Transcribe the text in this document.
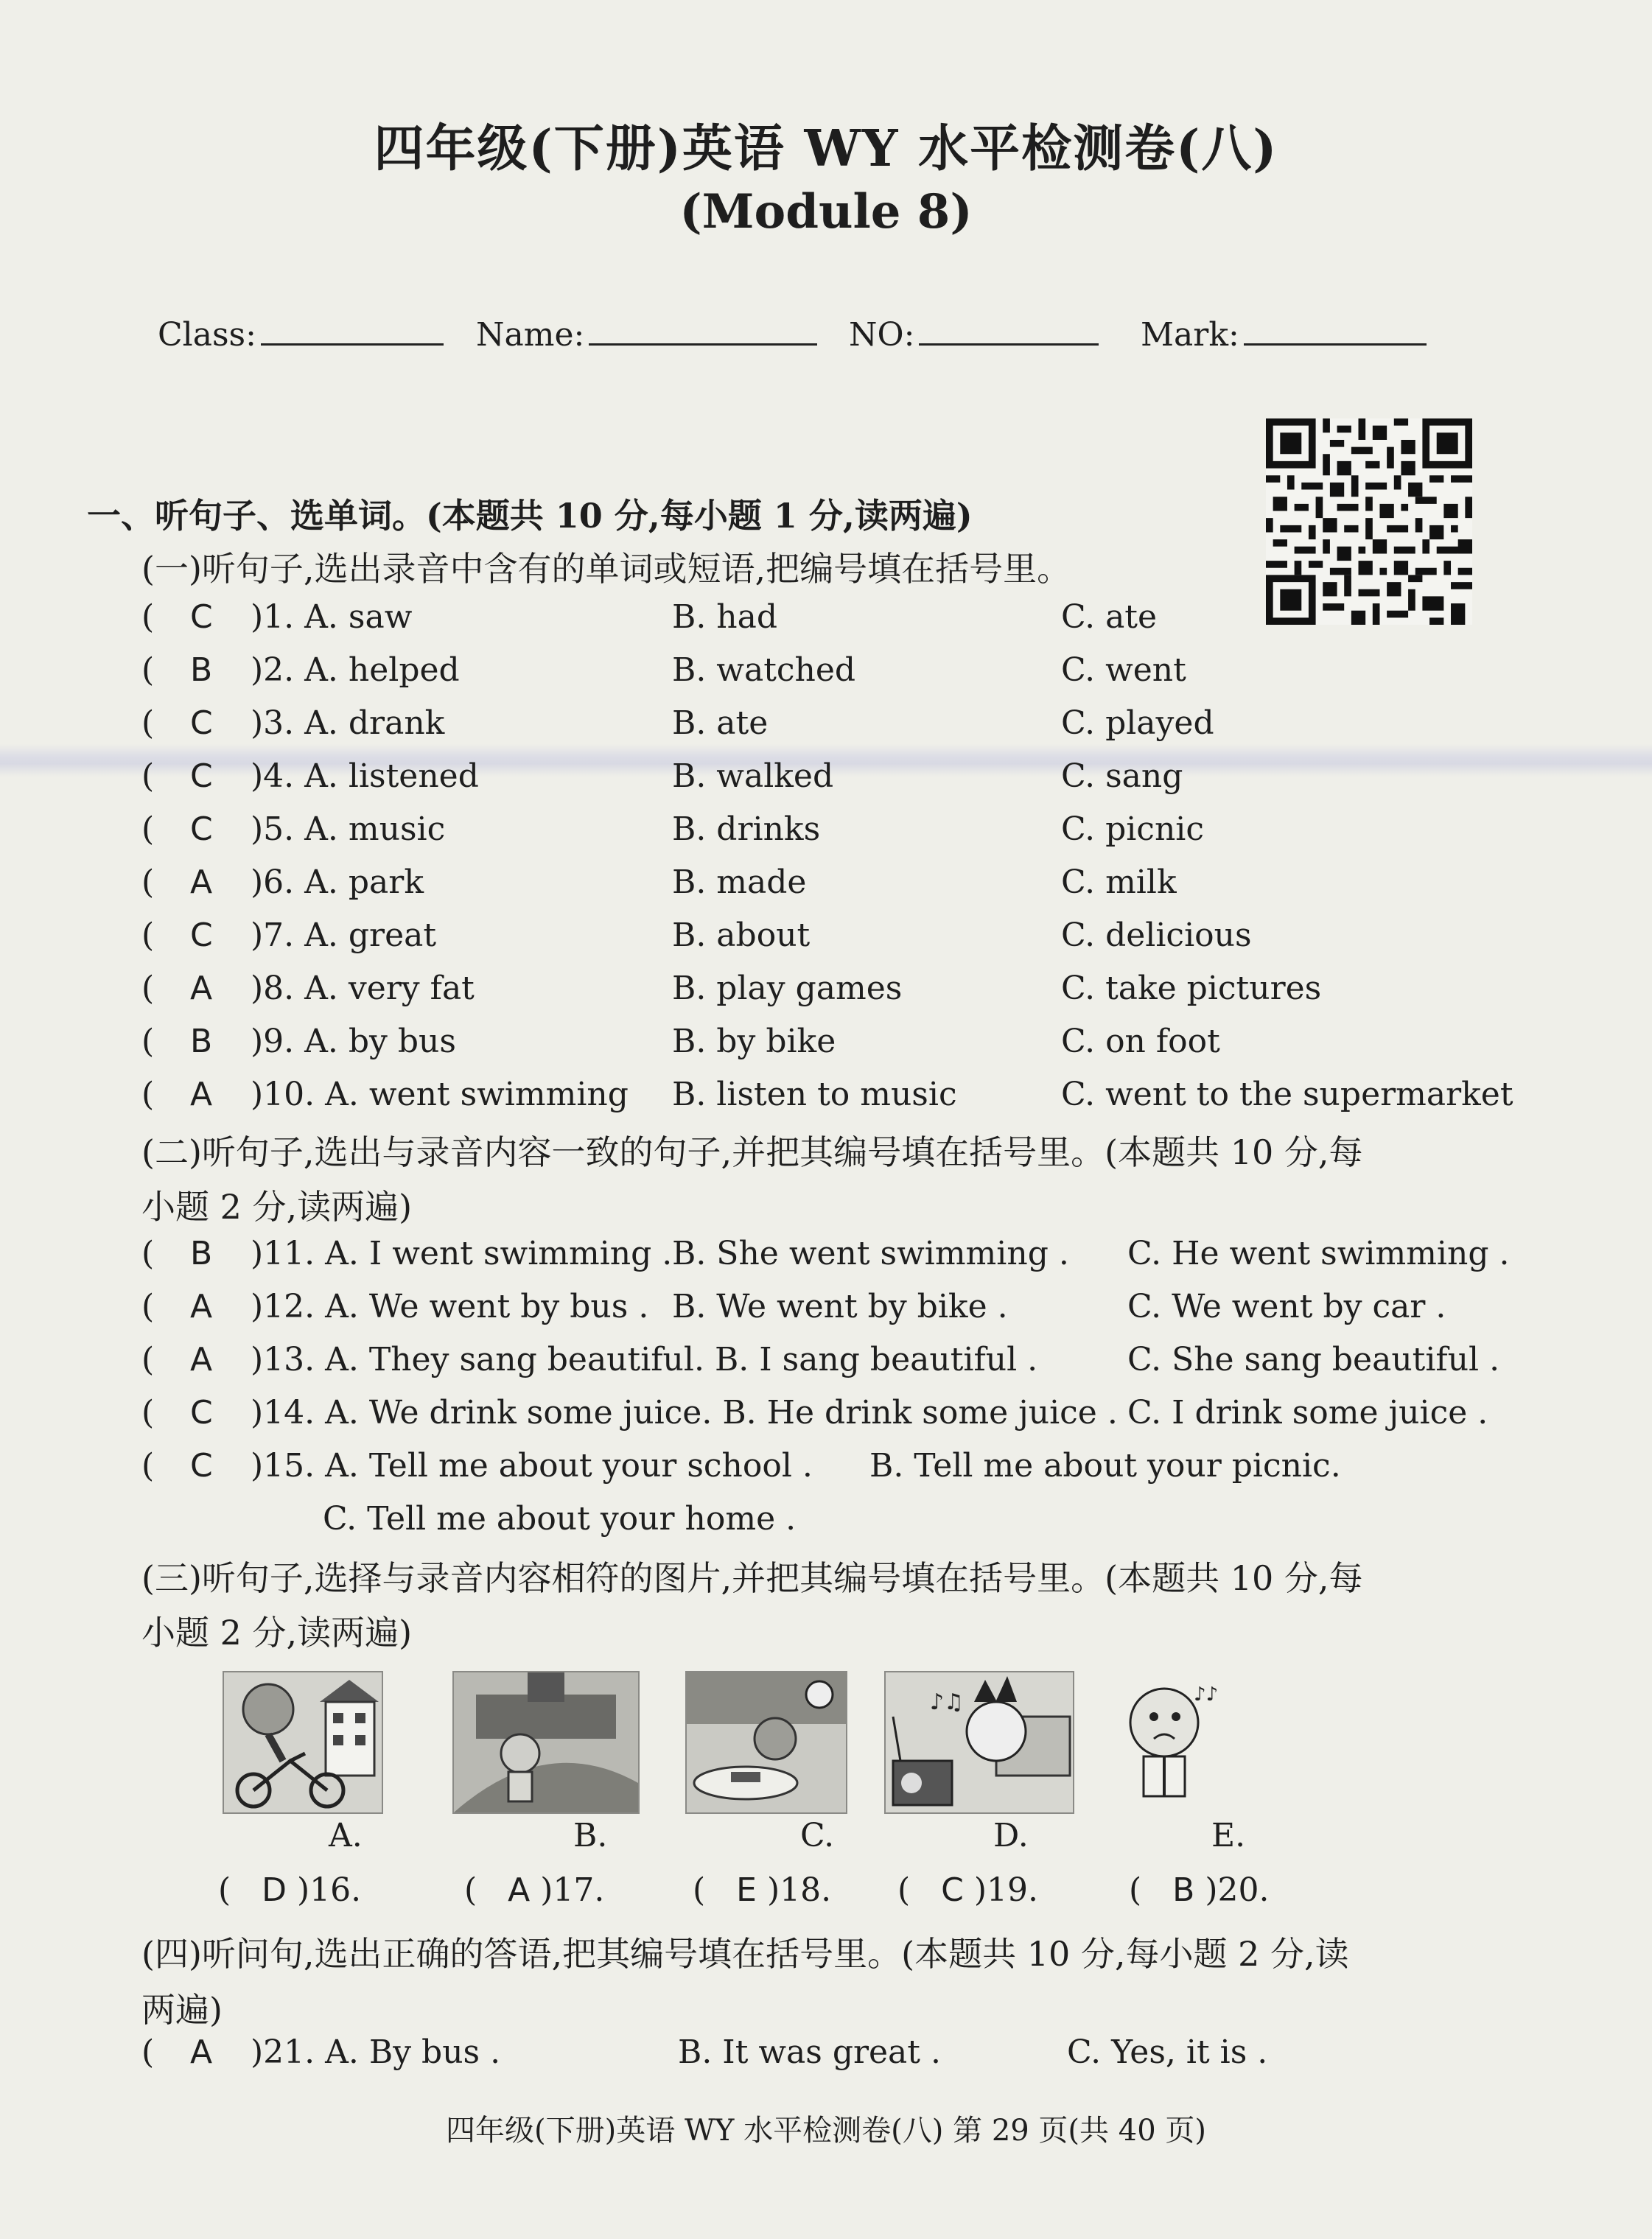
四年级(下册)英语 WY 水平检测卷(八)
(Module 8)
Class:	Name:	NO:	Mark:
一、听句子、选单词。(本题共 10 分,每小题 1 分,读两遍)
(一)听句子,选出录音中含有的单词或短语,把编号填在括号里。
( C )1. A. saw	B. had	C. ate
( B )2. A. helped	B. watched	C. went
( C )3. A. drank	B. ate	C. played
( C )4. A. listened	B. walked	C. sang
( C )5. A. music	B. drinks	C. picnic
( A )6. A. park	B. made	C. milk
( C )7. A. great	B. about	C. delicious
( A )8. A. very fat	B. play games	C. take pictures
( B )9. A. by bus	B. by bike	C. on foot
( A )10. A. went swimming B. listen to music	C. went to the supermarket
(二)听句子,选出与录音内容一致的句子,并把其编号填在括号里。(本题共 10 分,每
小题 2 分,读两遍)
( B )11. A. I went swimming . B. She went swimming . C. He went swimming .
( A )12. A. We went by bus . B. We went by bike .	C. We went by car .
( A )13. A. They sang beautiful. B. I sang beautiful .	C. She sang beautiful .
( C )14. A. We drink some juice. B. He drink some juice . C. I drink some juice .
( C )15. A. Tell me about your school . B. Tell me about your picnic.
C. Tell me about your home .
(三)听句子,选择与录音内容相符的图片,并把其编号填在括号里。(本题共 10 分,每
小题 2 分,读两遍)
♪♫	♪♪
A.	B.	C.	D.	E.
(   D )16.	(   A )17.	(   E )18. (   C )19.	(   B )20.
(四)听问句,选出正确的答语,把其编号填在括号里。(本题共 10 分,每小题 2 分,读
两遍)
( A )21. A. By bus .	B. It was great .	C. Yes, it is .
四年级(下册)英语 WY 水平检测卷(八) 第 29 页(共 40 页)
